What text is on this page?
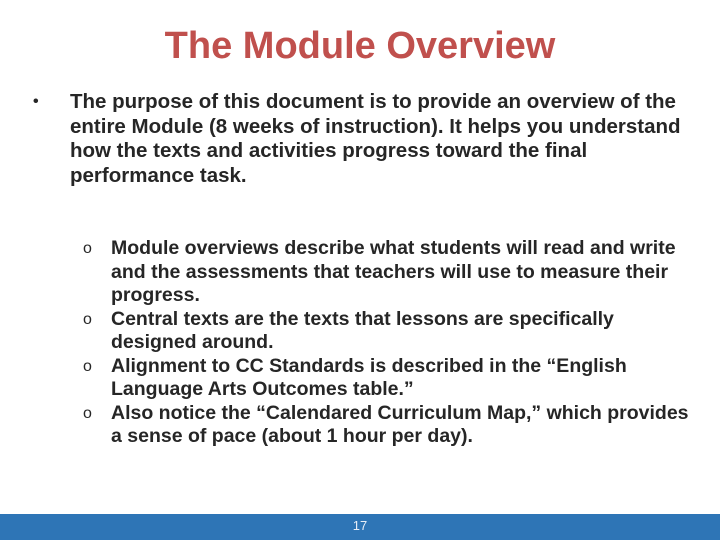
The Module Overview
•	The purpose of this document is to provide an overview of the entire Module (8 weeks of instruction). It helps you understand how the texts and activities progress toward the final performance task.
o Module overviews describe what students will read and write and the assessments that teachers will use to measure their progress.
o Central texts are the texts that lessons are specifically designed around.
o Alignment to CC Standards is described in the “English Language Arts Outcomes table.”
o Also notice the “Calendared Curriculum Map,” which provides a sense of pace (about 1 hour per day).
17
